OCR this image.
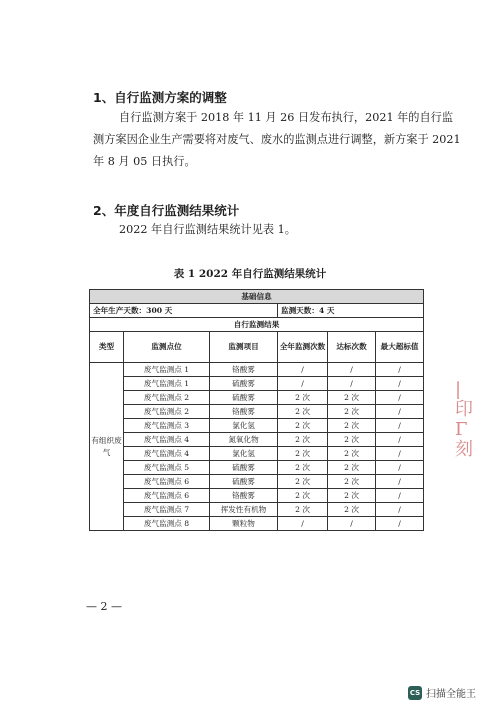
1、自行监测方案的调整
自行监测方案于 2018 年 11 月 26 日发布执行，2021 年的自行监测方案因企业生产需要将对废气、废水的监测点进行调整，新方案于 2021 年 8 月 05 日执行。
2、年度自行监测结果统计
2022 年自行监测结果统计见表 1。
表 1 2022 年自行监测结果统计
基础信息					
全年生产天数：300 天			监测天数：4 天		
自行监测结果					
类型	监测点位	监测项目	全年监测次数	达标次数	最大超标值
有组织废气	废气监测点 1	铬酸雾	/	/	/
	废气监测点 1	硫酸雾	/	/	/
	废气监测点 2	硫酸雾	2 次	2 次	/
	废气监测点 2	铬酸雾	2 次	2 次	/
	废气监测点 3	氯化氢	2 次	2 次	/
	废气监测点 4	氮氧化物	2 次	2 次	/
	废气监测点 4	氯化氢	2 次	2 次	/
	废气监测点 5	硫酸雾	2 次	2 次	/
	废气监测点 6	硫酸雾	2 次	2 次	/
	废气监测点 6	铬酸雾	2 次	2 次	/
	废气监测点 7	挥发性有机物	2 次	2 次	/
	废气监测点 8	颗粒物	/	/	/
|
印
Γ
刻
— 2 —
CS 扫描全能王
